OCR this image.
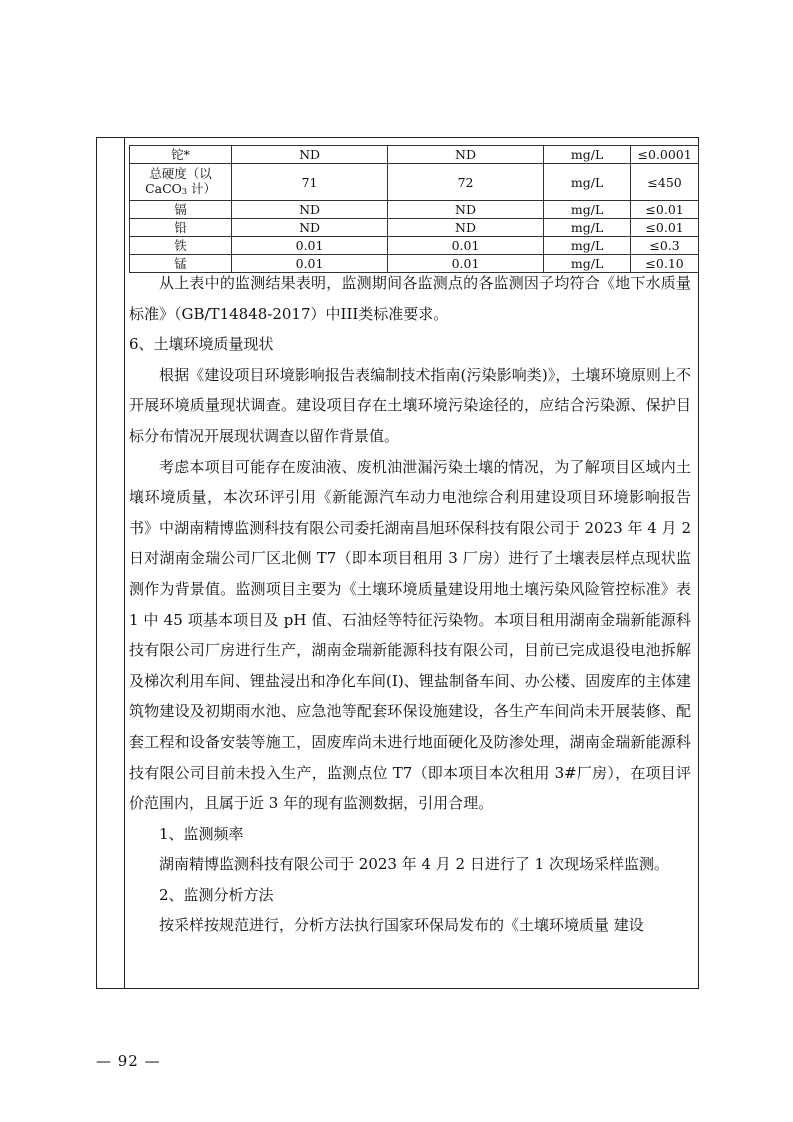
铊*	ND	ND	mg/L	≤0.0001

总硬度（以
CaCO3 计）	71	72	mg/L	≤450
镉	ND	ND	mg/L	≤0.01
铅	ND	ND	mg/L	≤0.01
铁	0.01	0.01	mg/L	≤0.3
锰	0.01	0.01	mg/L	≤0.10

从上表中的监测结果表明，监测期间各监测点的各监测因子均符合《地下水质量标准》（GB/T14848-2017）中III类标准要求。

6、土壤环境质量现状

根据《建设项目环境影响报告表编制技术指南(污染影响类)》，土壤环境原则上不开展环境质量现状调查。建设项目存在土壤环境污染途径的，应结合污染源、保护目标分布情况开展现状调查以留作背景值。

考虑本项目可能存在废油液、废机油泄漏污染土壤的情况，为了解项目区域内土壤环境质量，本次环评引用《新能源汽车动力电池综合利用建设项目环境影响报告书》中湖南精博监测科技有限公司委托湖南昌旭环保科技有限公司于 2023 年 4 月 2 日对湖南金瑞公司厂区北侧 T7（即本项目租用 3 厂房）进行了土壤表层样点现状监测作为背景值。监测项目主要为《土壤环境质量建设用地土壤污染风险管控标准》表 1 中 45 项基本项目及 pH 值、石油烃等特征污染物。本项目租用湖南金瑞新能源科技有限公司厂房进行生产，湖南金瑞新能源科技有限公司，目前已完成退役电池拆解及梯次利用车间、锂盐浸出和净化车间(I)、锂盐制备车间、办公楼、固废库的主体建筑物建设及初期雨水池、应急池等配套环保设施建设，各生产车间尚未开展装修、配套工程和设备安装等施工，固废库尚未进行地面硬化及防渗处理，湖南金瑞新能源科技有限公司目前未投入生产，监测点位 T7（即本项目本次租用 3#厂房），在项目评价范围内，且属于近 3 年的现有监测数据，引用合理。

1、监测频率

湖南精博监测科技有限公司于 2023 年 4 月 2 日进行了 1 次现场采样监测。

2、监测分析方法

按采样按规范进行，分析方法执行国家环保局发布的《土壤环境质量 建设

— 92 —
